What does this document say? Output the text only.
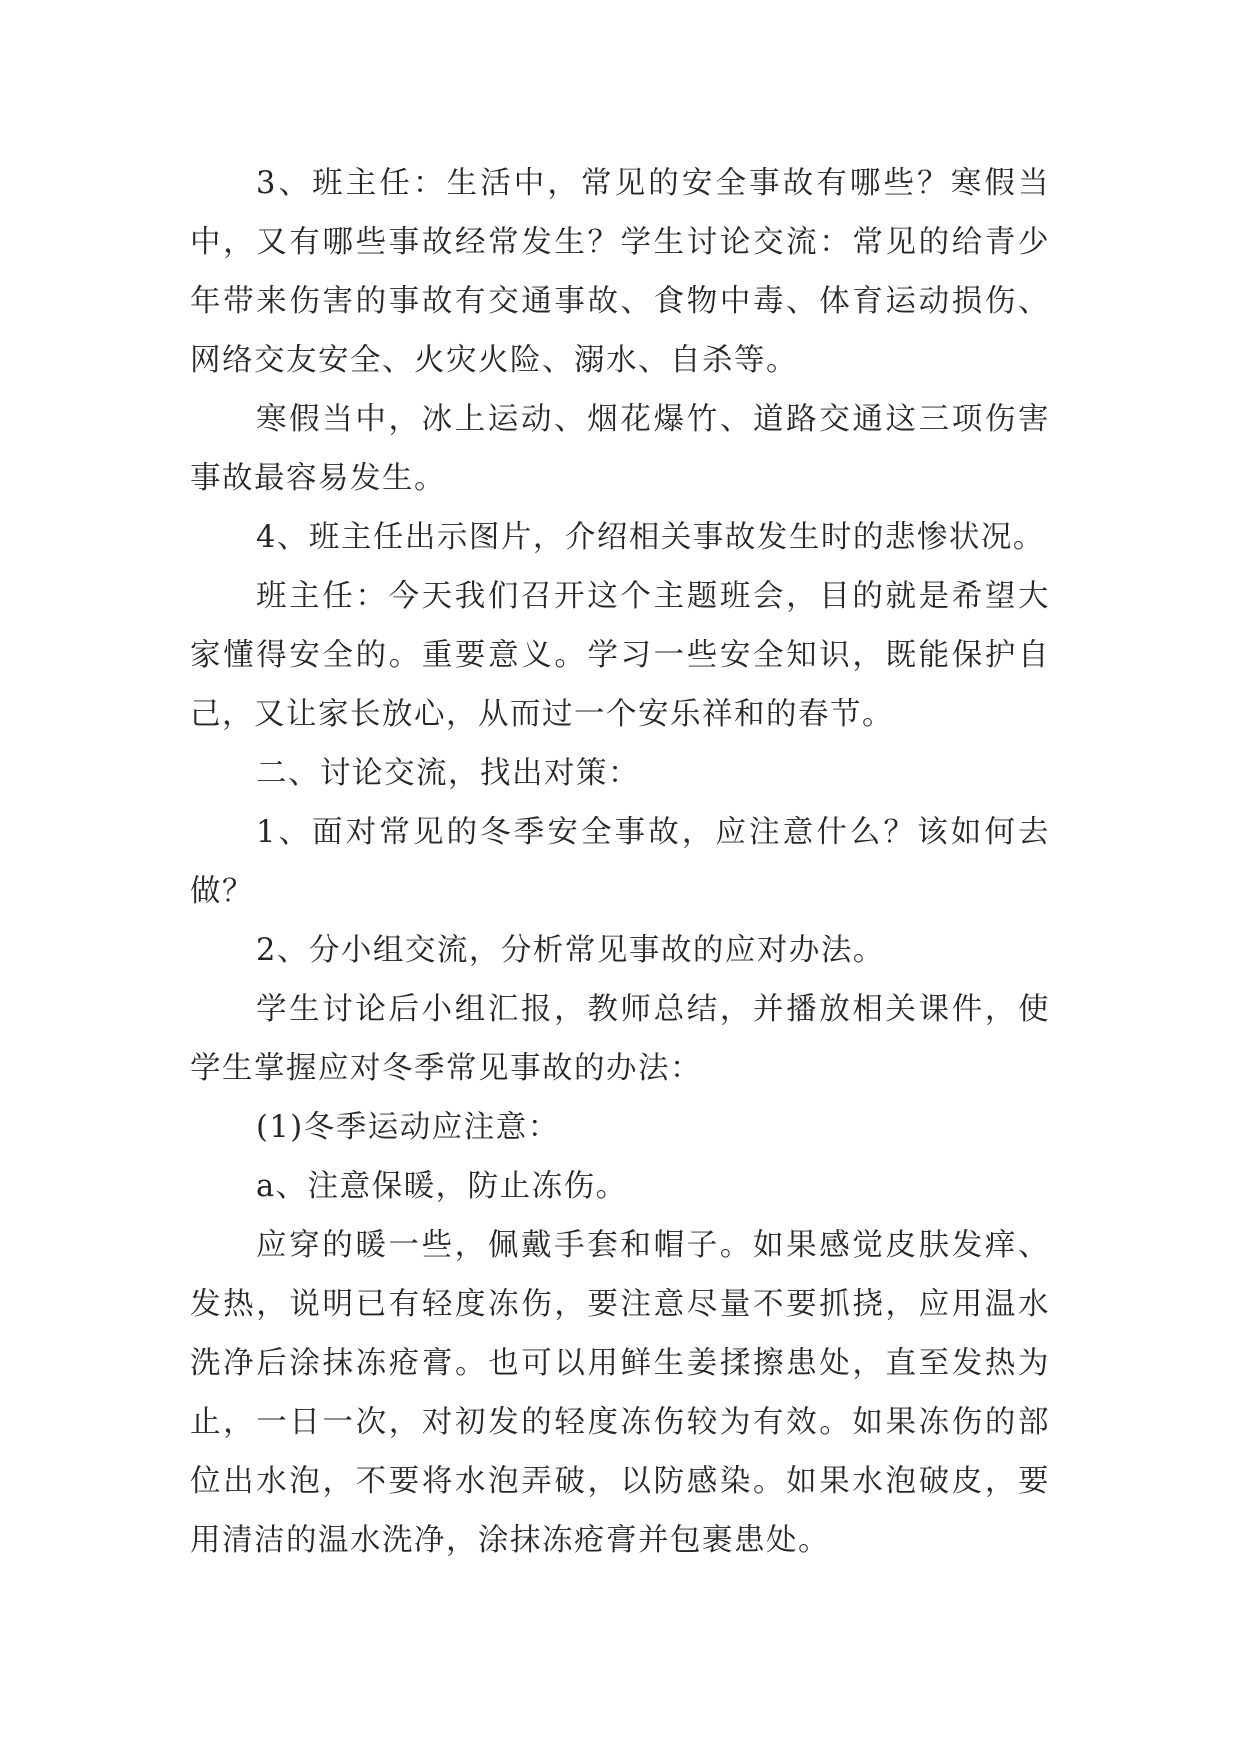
3、班主任：生活中，常见的安全事故有哪些？寒假当中，又有哪些事故经常发生？学生讨论交流：常见的给青少年带来伤害的事故有交通事故、食物中毒、体育运动损伤、网络交友安全、火灾火险、溺水、自杀等。

寒假当中，冰上运动、烟花爆竹、道路交通这三项伤害事故最容易发生。

4、班主任出示图片，介绍相关事故发生时的悲惨状况。

班主任：今天我们召开这个主题班会，目的就是希望大家懂得安全的。重要意义。学习一些安全知识，既能保护自己，又让家长放心，从而过一个安乐祥和的春节。

二、讨论交流，找出对策：

1、面对常见的冬季安全事故，应注意什么？该如何去做？

2、分小组交流，分析常见事故的应对办法。

学生讨论后小组汇报，教师总结，并播放相关课件，使学生掌握应对冬季常见事故的办法：

(1)冬季运动应注意：

a、注意保暖，防止冻伤。

应穿的暖一些，佩戴手套和帽子。如果感觉皮肤发痒、发热，说明已有轻度冻伤，要注意尽量不要抓挠，应用温水洗净后涂抹冻疮膏。也可以用鲜生姜揉擦患处，直至发热为止，一日一次，对初发的轻度冻伤较为有效。如果冻伤的部位出水泡，不要将水泡弄破，以防感染。如果水泡破皮，要用清洁的温水洗净，涂抹冻疮膏并包裹患处。
